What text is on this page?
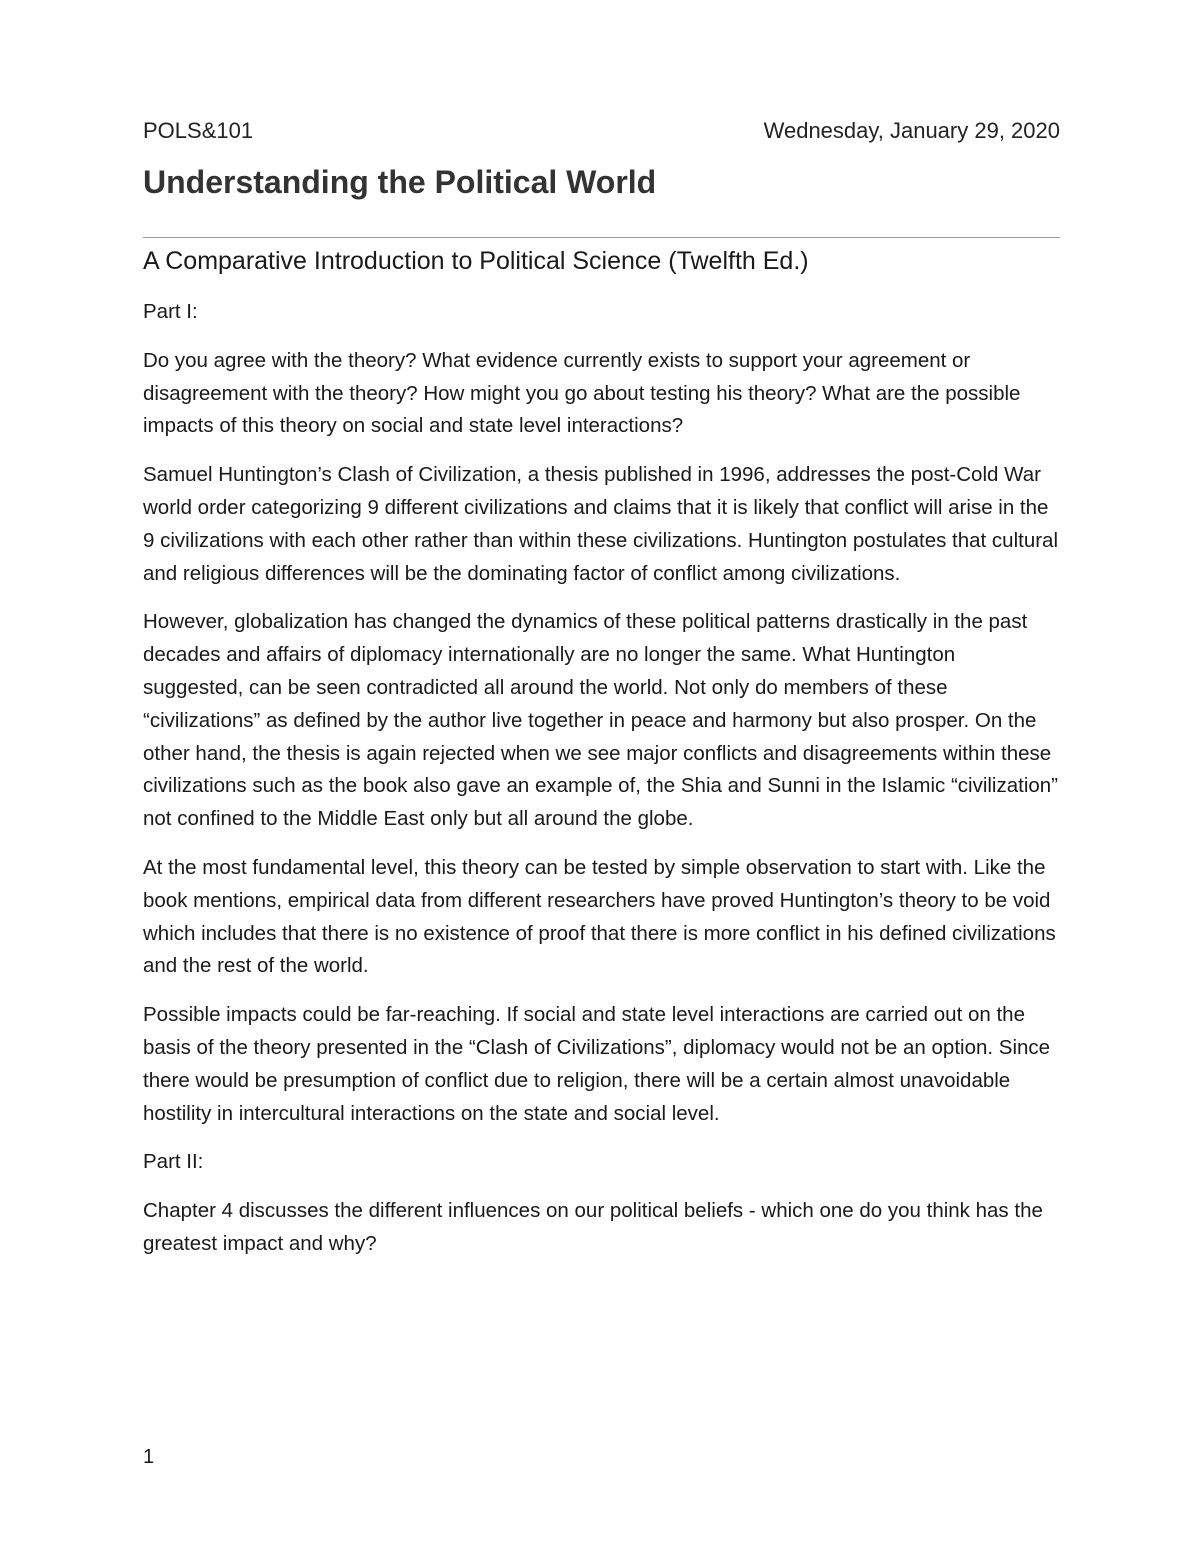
POLS&101	Wednesday, January 29, 2020
Understanding the Political World
A Comparative Introduction to Political Science (Twelfth Ed.)

Part I:

Do you agree with the theory? What evidence currently exists to support your agreement or disagreement with the theory? How might you go about testing his theory? What are the possible impacts of this theory on social and state level interactions?

Samuel Huntington’s Clash of Civilization, a thesis published in 1996, addresses the post-Cold War world order categorizing 9 different civilizations and claims that it is likely that conflict will arise in the 9 civilizations with each other rather than within these civilizations. Huntington postulates that cultural and religious differences will be the dominating factor of conflict among civilizations.

However, globalization has changed the dynamics of these political patterns drastically in the past decades and affairs of diplomacy internationally are no longer the same. What Huntington suggested, can be seen contradicted all around the world. Not only do members of these “civilizations” as defined by the author live together in peace and harmony but also prosper. On the other hand, the thesis is again rejected when we see major conflicts and disagreements within these civilizations such as the book also gave an example of, the Shia and Sunni in the Islamic “civilization” not confined to the Middle East only but all around the globe.

At the most fundamental level, this theory can be tested by simple observation to start with. Like the book mentions, empirical data from different researchers have proved Huntington’s theory to be void which includes that there is no existence of proof that there is more conflict in his defined civilizations and the rest of the world.

Possible impacts could be far-reaching. If social and state level interactions are carried out on the basis of the theory presented in the “Clash of Civilizations”, diplomacy would not be an option. Since there would be presumption of conflict due to religion, there will be a certain almost unavoidable hostility in intercultural interactions on the state and social level.

Part II:

Chapter 4 discusses the different influences on our political beliefs - which one do you think has the greatest impact and why?

1
